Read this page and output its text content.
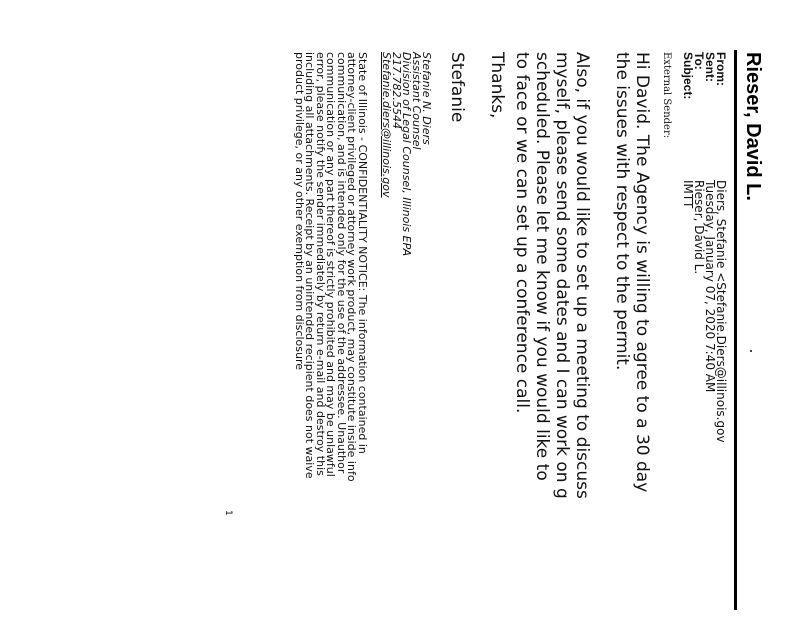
Rieser, David L.
From:
Diers, Stefanie <Stefanie.Diers@illinois.gov
Sent:
Tuesday, January 07, 2020 7:40 AM
To:
Rieser, David L.
Subject:
IMTT
External Sender:
Hi David. The Agency is willing to agree to a 30 day
the issues with respect to the permit.
Also, if you would like to set up a meeting to discuss
myself, please send some dates and I can work on g
scheduled. Please let me know if you would like to
to face or we can set up a conference call.
Thanks,
Stefanie
Stefanie N. Diers
Assistant Counsel
Division of Legal Counsel, Illinois EPA
217.782.5544
Stefanie.diers@illinois.gov
State of Illinois - CONFIDENTIALITY NOTICE: The information contained in
attorney-client privileged or attorney work product, may constitute inside info
communication, and is intended only for the use of the addressee. Unauthor
communication or any part thereof is strictly prohibited and may be unlawful
error, please notify the sender immediately by return e-mail and destroy this
including all attachments. Receipt by an unintended recipient does not waive
product privilege, or any other exemption from disclosure
1
